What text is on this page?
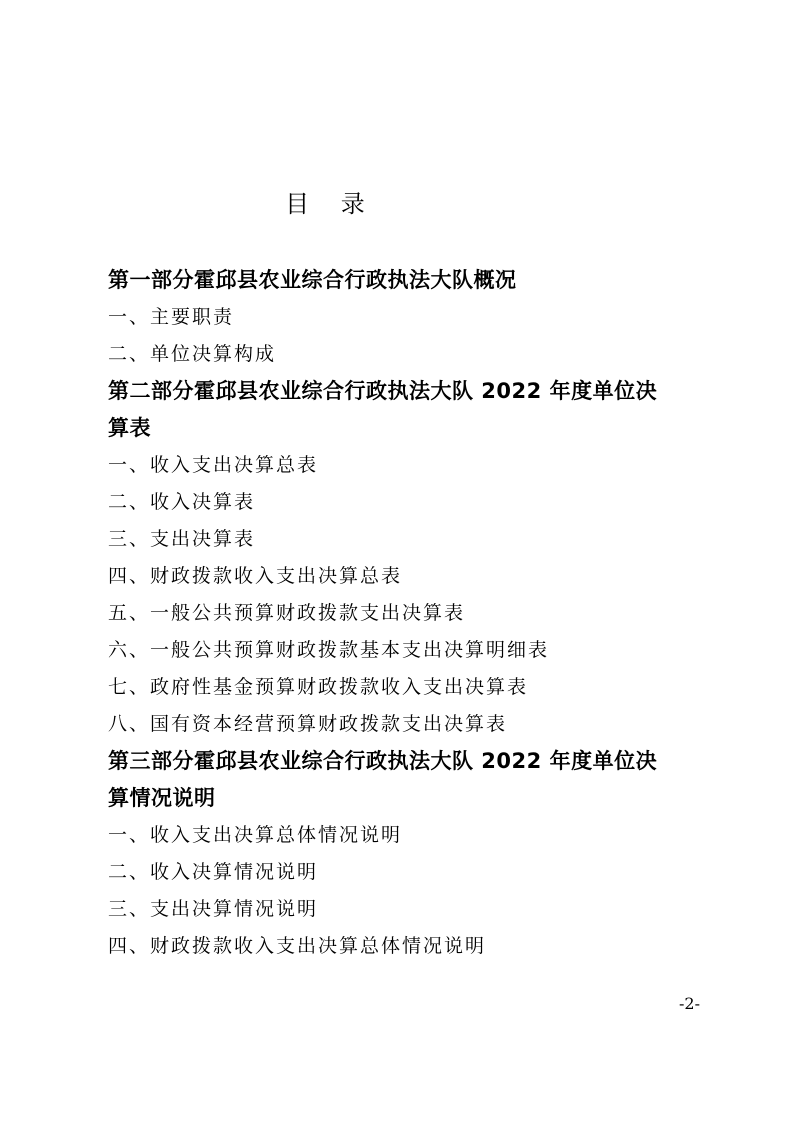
目 录

第一部分霍邱县农业综合行政执法大队概况

一、主要职责

二、单位决算构成

第二部分霍邱县农业综合行政执法大队 2022 年度单位决
算表

一、收入支出决算总表

二、收入决算表

三、支出决算表

四、财政拨款收入支出决算总表

五、一般公共预算财政拨款支出决算表

六、一般公共预算财政拨款基本支出决算明细表

七、政府性基金预算财政拨款收入支出决算表

八、国有资本经营预算财政拨款支出决算表

第三部分霍邱县农业综合行政执法大队 2022 年度单位决
算情况说明

一、收入支出决算总体情况说明

二、收入决算情况说明

三、支出决算情况说明

四、财政拨款收入支出决算总体情况说明

-2-
